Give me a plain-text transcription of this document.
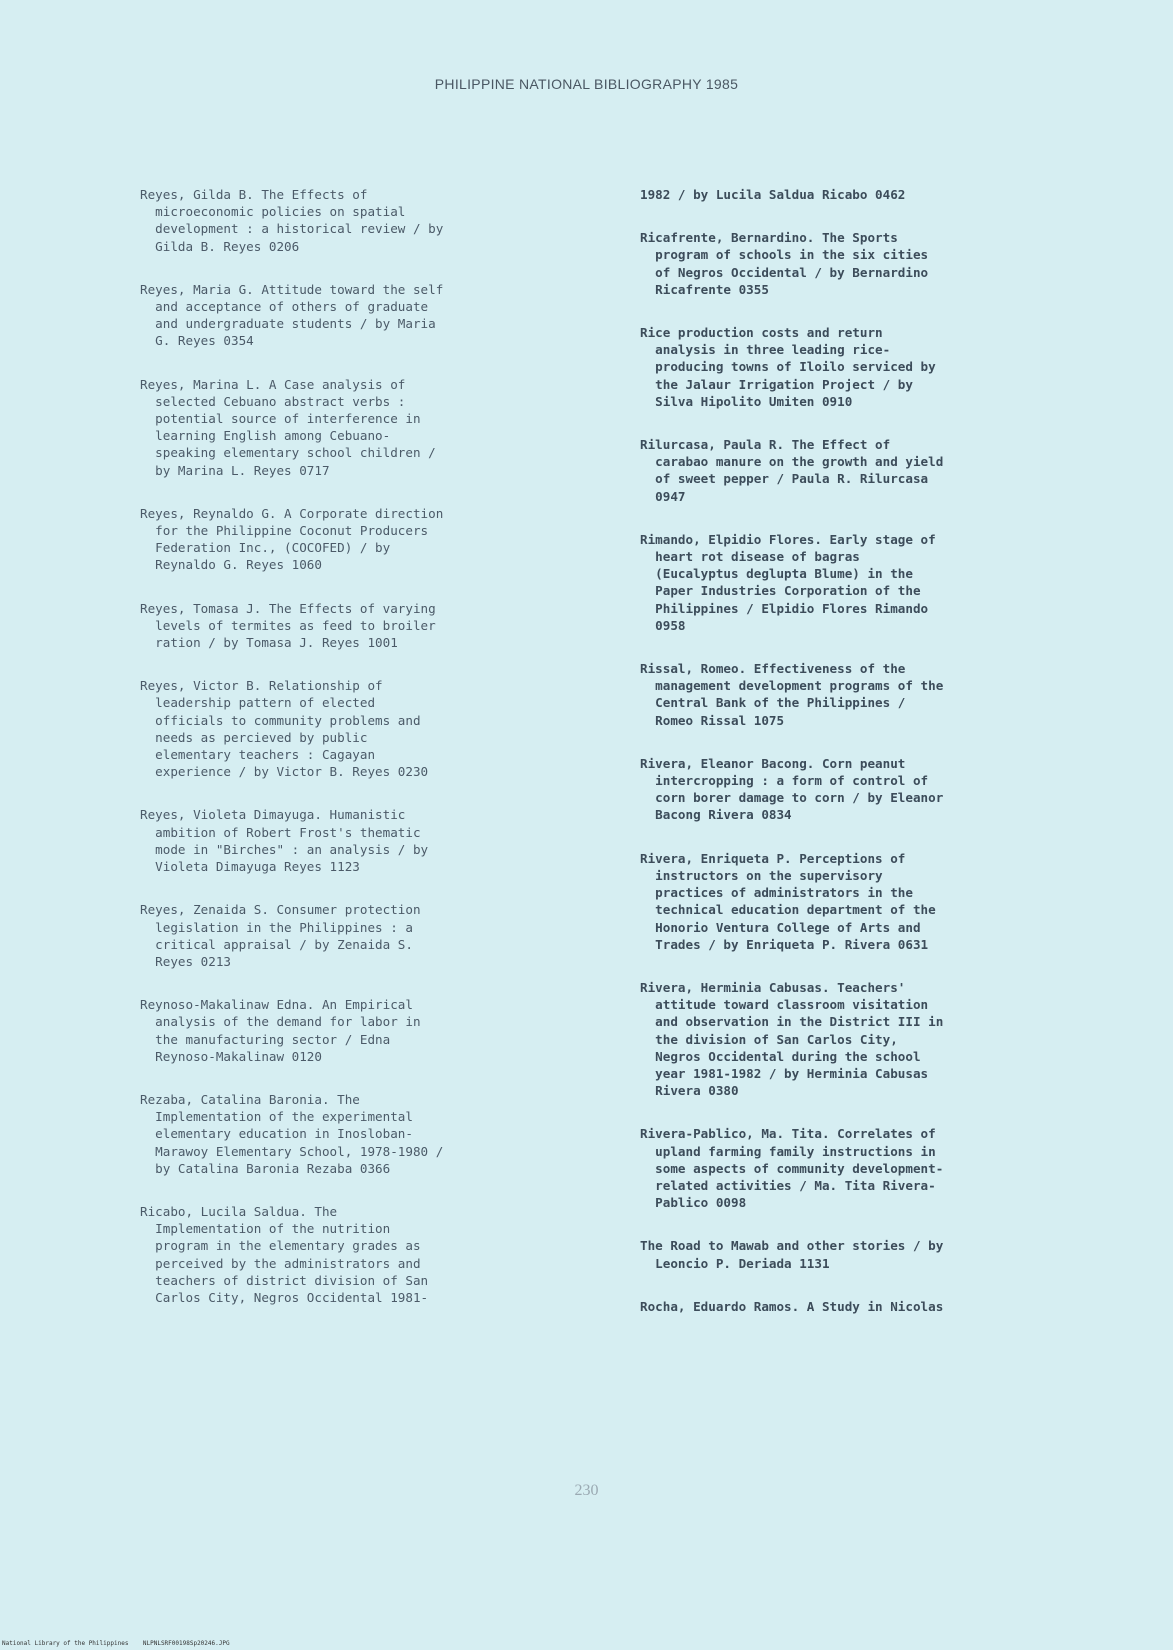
PHILIPPINE NATIONAL BIBLIOGRAPHY 1985
Reyes, Gilda B. The Effects of
microeconomic policies on spatial
development : a historical review / by
Gilda B. Reyes 0206
Reyes, Maria G. Attitude toward the self
and acceptance of others of graduate
and undergraduate students / by Maria
G. Reyes 0354
Reyes, Marina L. A Case analysis of
selected Cebuano abstract verbs :
potential source of interference in
learning English among Cebuano-
speaking elementary school children /
by Marina L. Reyes 0717
Reyes, Reynaldo G. A Corporate direction
for the Philippine Coconut Producers
Federation Inc., (COCOFED) / by
Reynaldo G. Reyes 1060
Reyes, Tomasa J. The Effects of varying
levels of termites as feed to broiler
ration / by Tomasa J. Reyes 1001
Reyes, Victor B. Relationship of
leadership pattern of elected
officials to community problems and
needs as percieved by public
elementary teachers : Cagayan
experience / by Victor B. Reyes 0230
Reyes, Violeta Dimayuga. Humanistic
ambition of Robert Frost's thematic
mode in "Birches" : an analysis / by
Violeta Dimayuga Reyes 1123
Reyes, Zenaida S. Consumer protection
legislation in the Philippines : a
critical appraisal / by Zenaida S.
Reyes 0213
Reynoso-Makalinaw Edna. An Empirical
analysis of the demand for labor in
the manufacturing sector / Edna
Reynoso-Makalinaw 0120
Rezaba, Catalina Baronia. The
Implementation of the experimental
elementary education in Inosloban-
Marawoy Elementary School, 1978-1980 /
by Catalina Baronia Rezaba 0366
Ricabo, Lucila Saldua. The
Implementation of the nutrition
program in the elementary grades as
perceived by the administrators and
teachers of district division of San
Carlos City, Negros Occidental 1981-
1982 / by Lucila Saldua Ricabo 0462
Ricafrente, Bernardino. The Sports
program of schools in the six cities
of Negros Occidental / by Bernardino
Ricafrente 0355
Rice production costs and return
analysis in three leading rice-
producing towns of Iloilo serviced by
the Jalaur Irrigation Project / by
Silva Hipolito Umiten 0910
Rilurcasa, Paula R. The Effect of
carabao manure on the growth and yield
of sweet pepper / Paula R. Rilurcasa
0947
Rimando, Elpidio Flores. Early stage of
heart rot disease of bagras
(Eucalyptus deglupta Blume) in the
Paper Industries Corporation of the
Philippines / Elpidio Flores Rimando
0958
Rissal, Romeo. Effectiveness of the
management development programs of the
Central Bank of the Philippines /
Romeo Rissal 1075
Rivera, Eleanor Bacong. Corn peanut
intercropping : a form of control of
corn borer damage to corn / by Eleanor
Bacong Rivera 0834
Rivera, Enriqueta P. Perceptions of
instructors on the supervisory
practices of administrators in the
technical education department of the
Honorio Ventura College of Arts and
Trades / by Enriqueta P. Rivera 0631
Rivera, Herminia Cabusas. Teachers'
attitude toward classroom visitation
and observation in the District III in
the division of San Carlos City,
Negros Occidental during the school
year 1981-1982 / by Herminia Cabusas
Rivera 0380
Rivera-Pablico, Ma. Tita. Correlates of
upland farming family instructions in
some aspects of community development-
related activities / Ma. Tita Rivera-
Pablico 0098
The Road to Mawab and other stories / by
Leoncio P. Deriada 1131
Rocha, Eduardo Ramos. A Study in Nicolas
230
National Library of the Philippines    NLPNLSRF00198Sp20246.JPG
